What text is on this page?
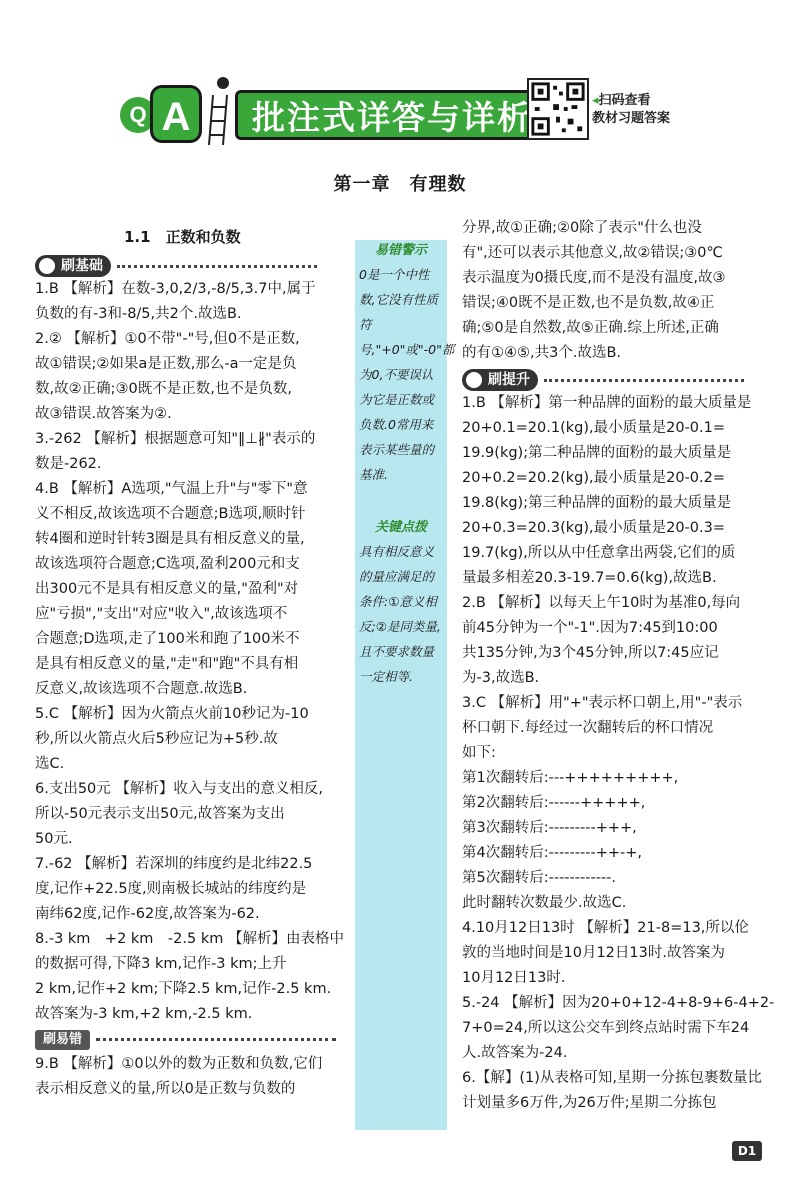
Q A	批注式详答与详析	◂扫码查看
教材习题答案
第一章　有理数
1.1　正数和负数
刷基础
1.B 【解析】在数-3,0,2/3,-8/5,3.7中,属于
负数的有-3和-8/5,共2个.故选B.
2.② 【解析】①0不带"-"号,但0不是正数,
故①错误;②如果a是正数,那么-a一定是负
数,故②正确;③0既不是正数,也不是负数,
故③错误.故答案为②.
3.-262 【解析】根据题意可知"‖⊥∦"表示的
数是-262.
4.B 【解析】A选项,"气温上升"与"零下"意
义不相反,故该选项不合题意;B选项,顺时针
转4圈和逆时针转3圈是具有相反意义的量,
故该选项符合题意;C选项,盈利200元和支
出300元不是具有相反意义的量,"盈利"对
应"亏损","支出"对应"收入",故该选项不
合题意;D选项,走了100米和跑了100米不
是具有相反意义的量,"走"和"跑"不具有相
反意义,故该选项不合题意.故选B.
5.C 【解析】因为火箭点火前10秒记为-10
秒,所以火箭点火后5秒应记为+5秒.故
选C.
6.支出50元 【解析】收入与支出的意义相反,
所以-50元表示支出50元,故答案为支出
50元.
7.-62 【解析】若深圳的纬度约是北纬22.5
度,记作+22.5度,则南极长城站的纬度约是
南纬62度,记作-62度,故答案为-62.
8.-3 km　+2 km　-2.5 km 【解析】由表格中
的数据可得,下降3 km,记作-3 km;上升
2 km,记作+2 km;下降2.5 km,记作-2.5 km.
故答案为-3 km,+2 km,-2.5 km.
刷易错
9.B 【解析】①0以外的数为正数和负数,它们
表示相反意义的量,所以0是正数与负数的
易错警示
0是一个中性数,它没有性质符号,"+0"或"-0"都为0,不要误认为它是正数或负数.0常用来表示某些量的基准.
关键点拨
具有相反意义的量应满足的条件:①意义相反;②是同类量,且不要求数量一定相等.
分界,故①正确;②0除了表示"什么也没
有",还可以表示其他意义,故②错误;③0℃
表示温度为0摄氏度,而不是没有温度,故③
错误;④0既不是正数,也不是负数,故④正
确;⑤0是自然数,故⑤正确.综上所述,正确
的有①④⑤,共3个.故选B.
刷提升
1.B 【解析】第一种品牌的面粉的最大质量是
20+0.1=20.1(kg),最小质量是20-0.1=
19.9(kg);第二种品牌的面粉的最大质量是
20+0.2=20.2(kg),最小质量是20-0.2=
19.8(kg);第三种品牌的面粉的最大质量是
20+0.3=20.3(kg),最小质量是20-0.3=
19.7(kg),所以从中任意拿出两袋,它们的质
量最多相差20.3-19.7=0.6(kg),故选B.
2.B 【解析】以每天上午10时为基准0,每向
前45分钟为一个"-1".因为7:45到10:00
共135分钟,为3个45分钟,所以7:45应记
为-3,故选B.
3.C 【解析】用"+"表示杯口朝上,用"-"表示
杯口朝下.每经过一次翻转后的杯口情况
如下:
第1次翻转后:---+++++++++,
第2次翻转后:------+++++,
第3次翻转后:---------+++,
第4次翻转后:---------++-+,
第5次翻转后:------------.
此时翻转次数最少.故选C.
4.10月12日13时 【解析】21-8=13,所以伦
敦的当地时间是10月12日13时.故答案为
10月12日13时.
5.-24 【解析】因为20+0+12-4+8-9+6-4+2-
7+0=24,所以这公交车到终点站时需下车24
人.故答案为-24.
6.【解】(1)从表格可知,星期一分拣包裹数量比
计划量多6万件,为26万件;星期二分拣包
D1
